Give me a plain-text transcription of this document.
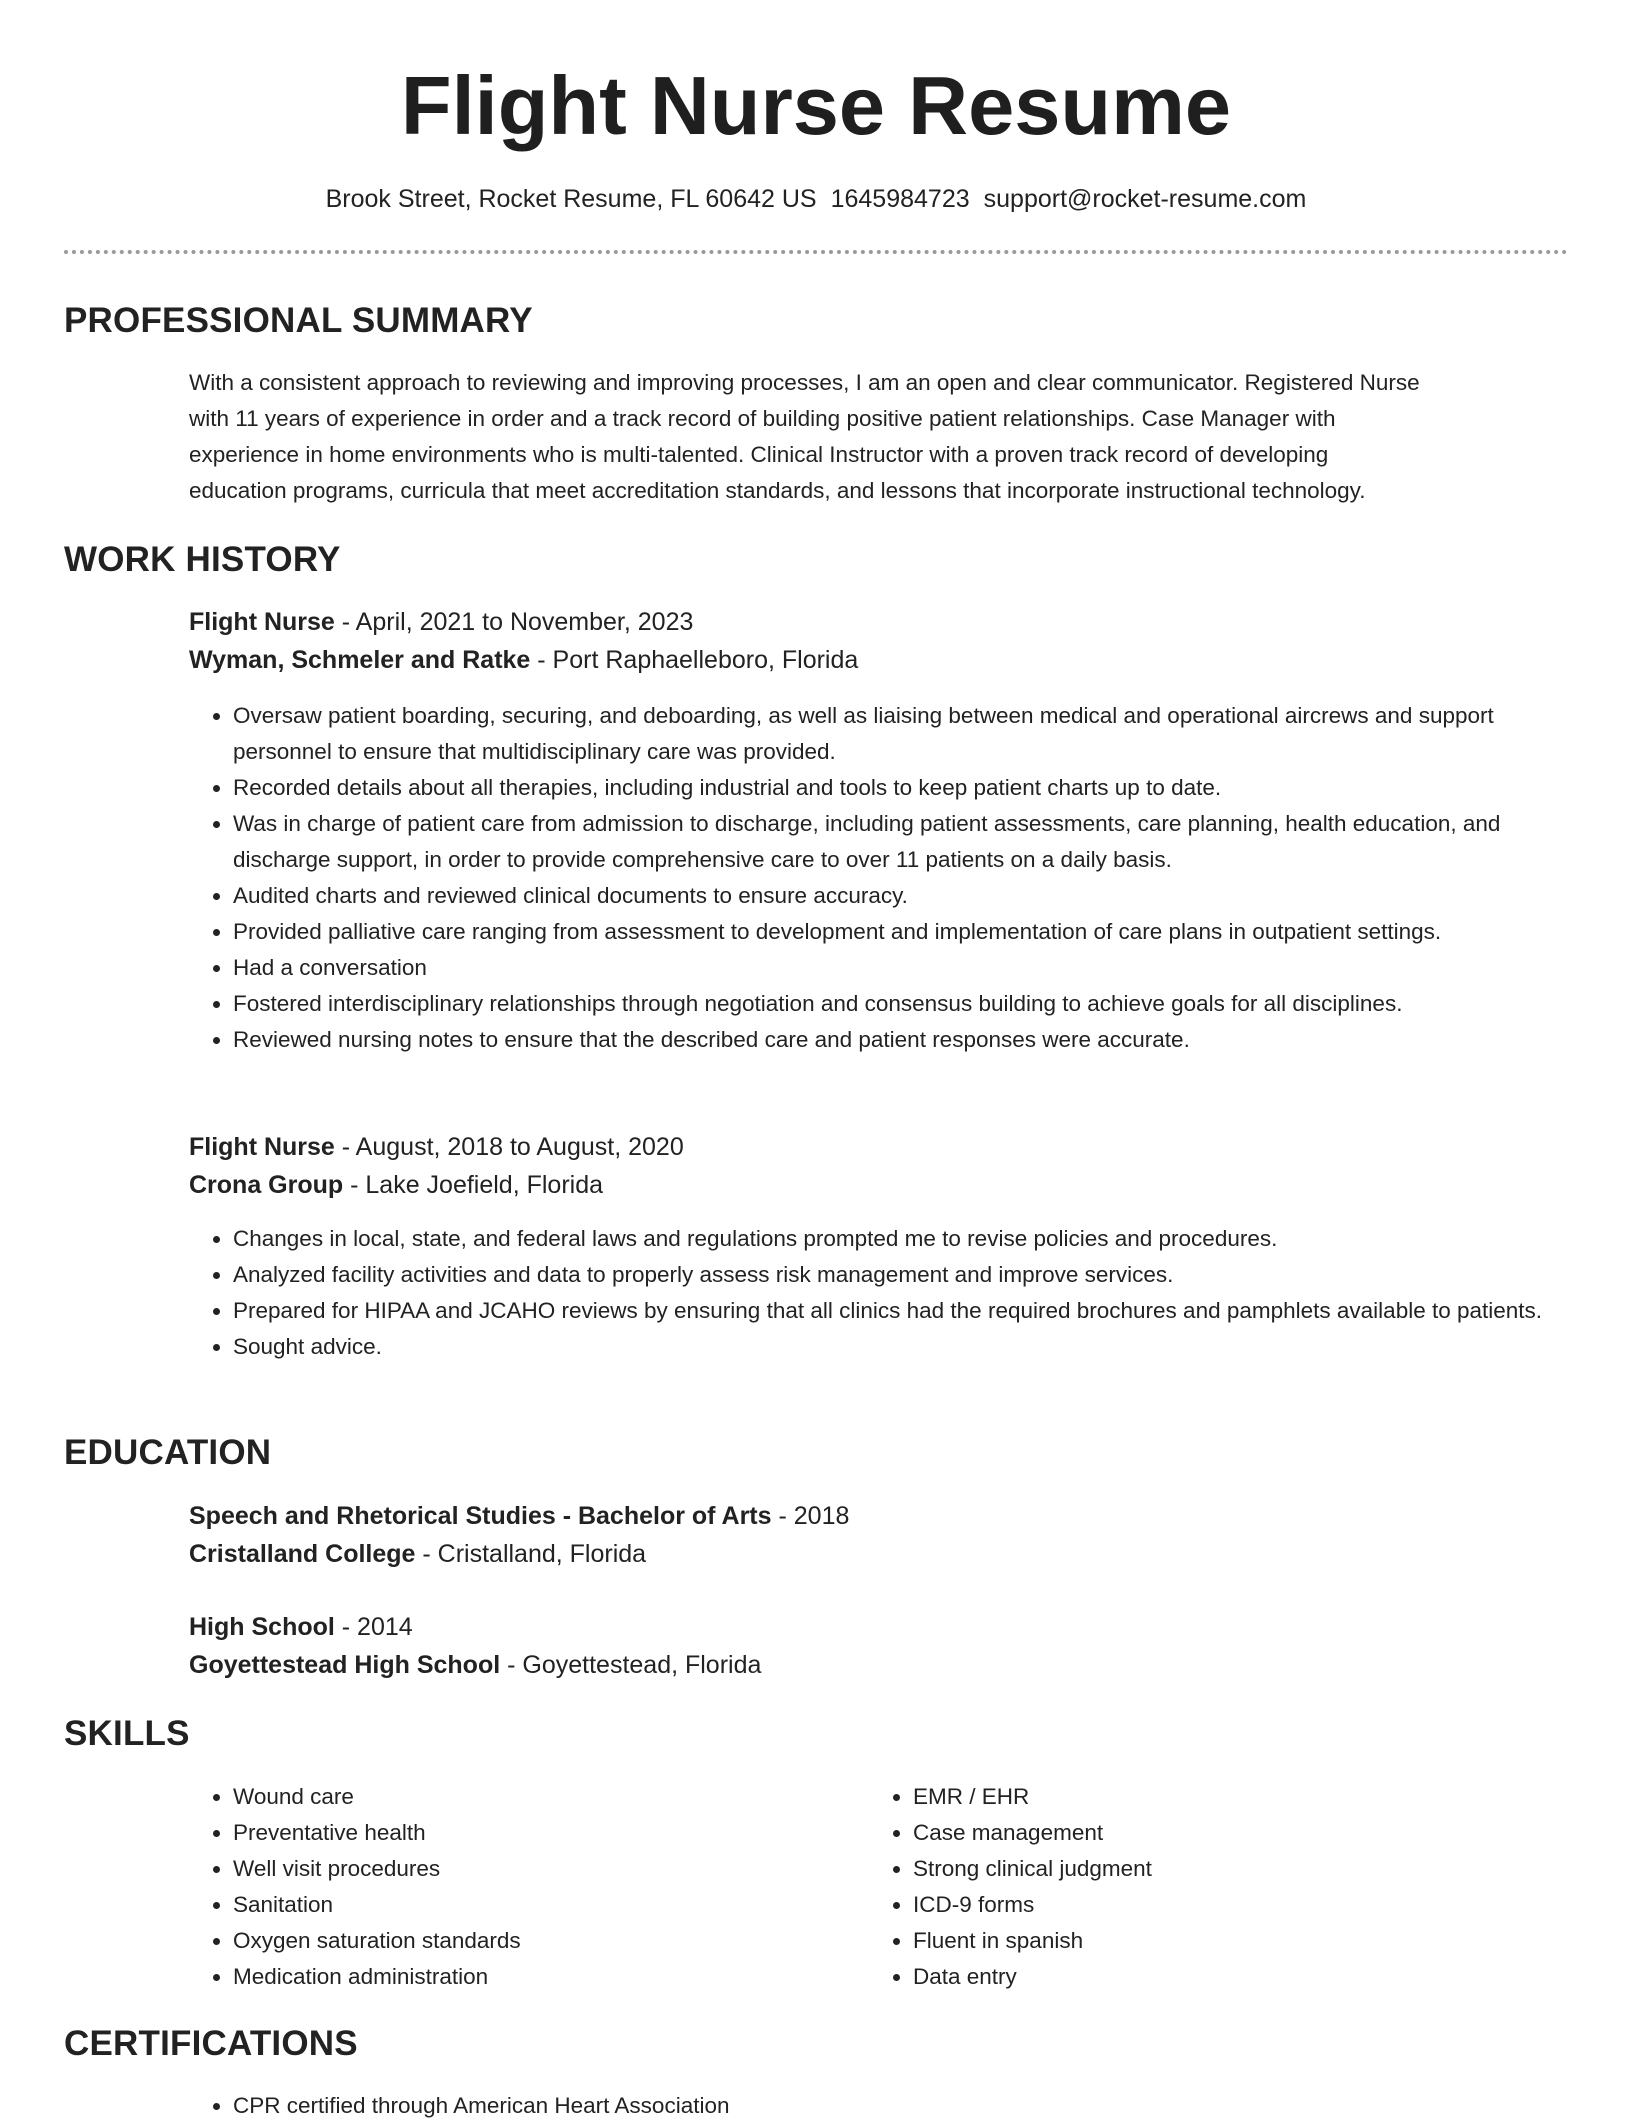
Flight Nurse Resume
Brook Street, Rocket Resume, FL 60642 US 1645984723 support@rocket-resume.com
PROFESSIONAL SUMMARY
With a consistent approach to reviewing and improving processes, I am an open and clear communicator. Registered Nurse
with 11 years of experience in order and a track record of building positive patient relationships. Case Manager with
experience in home environments who is multi-talented. Clinical Instructor with a proven track record of developing
education programs, curricula that meet accreditation standards, and lessons that incorporate instructional technology.
WORK HISTORY
Flight Nurse - April, 2021 to November, 2023
Wyman, Schmeler and Ratke - Port Raphaelleboro, Florida
• Oversaw patient boarding, securing, and deboarding, as well as liaising between medical and operational aircrews and support personnel to ensure that multidisciplinary care was provided.
• Recorded details about all therapies, including industrial and tools to keep patient charts up to date.
• Was in charge of patient care from admission to discharge, including patient assessments, care planning, health education, and discharge support, in order to provide comprehensive care to over 11 patients on a daily basis.
• Audited charts and reviewed clinical documents to ensure accuracy.
• Provided palliative care ranging from assessment to development and implementation of care plans in outpatient settings.
• Had a conversation
• Fostered interdisciplinary relationships through negotiation and consensus building to achieve goals for all disciplines.
• Reviewed nursing notes to ensure that the described care and patient responses were accurate.
Flight Nurse - August, 2018 to August, 2020
Crona Group - Lake Joefield, Florida
• Changes in local, state, and federal laws and regulations prompted me to revise policies and procedures.
• Analyzed facility activities and data to properly assess risk management and improve services.
• Prepared for HIPAA and JCAHO reviews by ensuring that all clinics had the required brochures and pamphlets available to patients.
• Sought advice.
EDUCATION
Speech and Rhetorical Studies - Bachelor of Arts - 2018
Cristalland College - Cristalland, Florida
High School - 2014
Goyettestead High School - Goyettestead, Florida
SKILLS
• Wound care
• Preventative health
• Well visit procedures
• Sanitation
• Oxygen saturation standards
• Medication administration
• EMR / EHR
• Case management
• Strong clinical judgment
• ICD-9 forms
• Fluent in spanish
• Data entry
CERTIFICATIONS
• CPR certified through American Heart Association
